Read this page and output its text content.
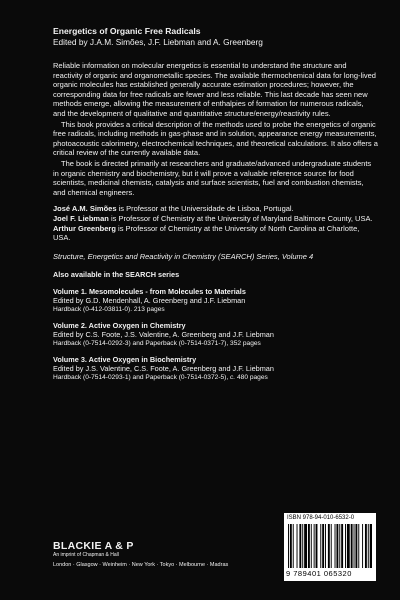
Energetics of Organic Free Radicals

Edited by J.A.M. Simões, J.F. Liebman and A. Greenberg

Reliable information on molecular energetics is essential to understand the structure and reactivity of organic and organometallic species. The available thermochemical data for long-lived organic molecules has established generally accurate estimation procedures; however, the corresponding data for free radicals are fewer and less reliable. This last decade has seen new methods emerge, allowing the measurement of enthalpies of formation for numerous radicals, and the development of qualitative and quantitative structure/energy/reactivity rules.

This book provides a critical description of the methods used to probe the energetics of organic free radicals, including methods in gas-phase and in solution, appearance energy measurements, photoacoustic calorimetry, electrochemical techniques, and theoretical calculations. It also offers a critical review of the currently available data.

The book is directed primarily at researchers and graduate/advanced undergraduate students in organic chemistry and biochemistry, but it will prove a valuable reference source for food scientists, medicinal chemists, catalysis and surface scientists, fuel and combustion chemists, and chemical engineers.

José A.M. Simões is Professor at the Universidade de Lisboa, Portugal.
Joel F. Liebman is Professor of Chemistry at the University of Maryland Baltimore County, USA. Arthur Greenberg is Professor of Chemistry at the University of North Carolina at Charlotte, USA.

Structure, Energetics and Reactivity in Chemistry (SEARCH) Series, Volume 4

Also available in the SEARCH series

Volume 1. Mesomolecules - from Molecules to Materials
Edited by G.D. Mendenhall, A. Greenberg and J.F. Liebman
Hardback (0-412-03811-0). 213 pages
Volume 2. Active Oxygen in Chemistry
Edited by C.S. Foote, J.S. Valentine, A. Greenberg and J.F. Liebman
Hardback (0-7514-0292-3) and Paperback (0-7514-0371-7), 352 pages
Volume 3. Active Oxygen in Biochemistry
Edited by J.S. Valentine, C.S. Foote, A. Greenberg and J.F. Liebman
Hardback (0-7514-0293-1) and Paperback (0-7514-0372-5), c. 480 pages
BLACKIE A & P
An imprint of Chapman & Hall
London · Glasgow · Weinheim · New York · Tokyo · Melbourne · Madras
ISBN 978-94-010-6532-0
9 789401 065320
